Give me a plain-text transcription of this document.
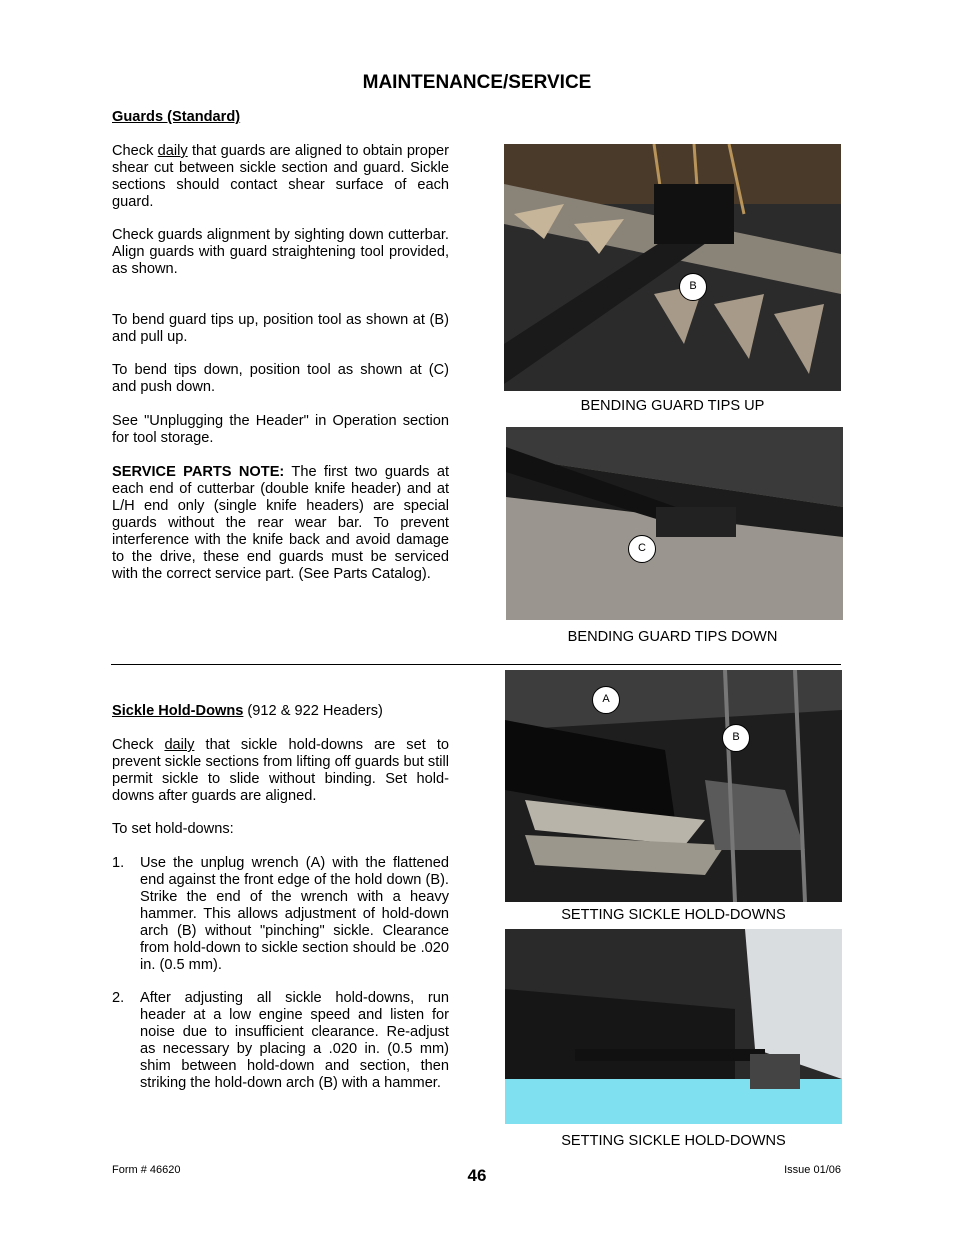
MAINTENANCE/SERVICE
Guards (Standard)
Check daily that guards are aligned to obtain proper shear cut between sickle section and guard. Sickle sections should contact shear surface of each guard.
Check guards alignment by sighting down cutterbar. Align guards with guard straightening tool provided, as shown.
To bend guard tips up, position tool as shown at (B) and pull up.
To bend tips down, position tool as shown at (C) and push down.
See "Unplugging the Header" in Operation section for tool storage.
SERVICE PARTS NOTE: The first two guards at each end of cutterbar (double knife header) and at L/H end only (single knife headers) are special guards without the rear wear bar. To prevent interference with the knife back and avoid damage to the drive, these end guards must be serviced with the correct service part. (See Parts Catalog).
B
BENDING GUARD TIPS UP
C
BENDING GUARD TIPS DOWN
Sickle Hold-Downs (912 & 922 Headers)
Check daily that sickle hold-downs are set to prevent sickle sections from lifting off guards but still permit sickle to slide without binding. Set hold-downs after guards are aligned.
To set hold-downs:
1.	Use the unplug wrench (A) with the flattened end against the front edge of the hold down (B). Strike the end of the wrench with a heavy hammer. This allows adjustment of hold-down arch (B) without "pinching" sickle. Clearance from hold-down to sickle section should be .020 in. (0.5 mm).
2.	After adjusting all sickle hold-downs, run header at a low engine speed and listen for noise due to insufficient clearance. Re-adjust as necessary by placing a .020 in. (0.5 mm) shim between hold-down and section, then striking the hold-down arch (B) with a hammer.
A
B
SETTING SICKLE HOLD-DOWNS
SETTING SICKLE HOLD-DOWNS
Form # 46620	46	Issue 01/06
